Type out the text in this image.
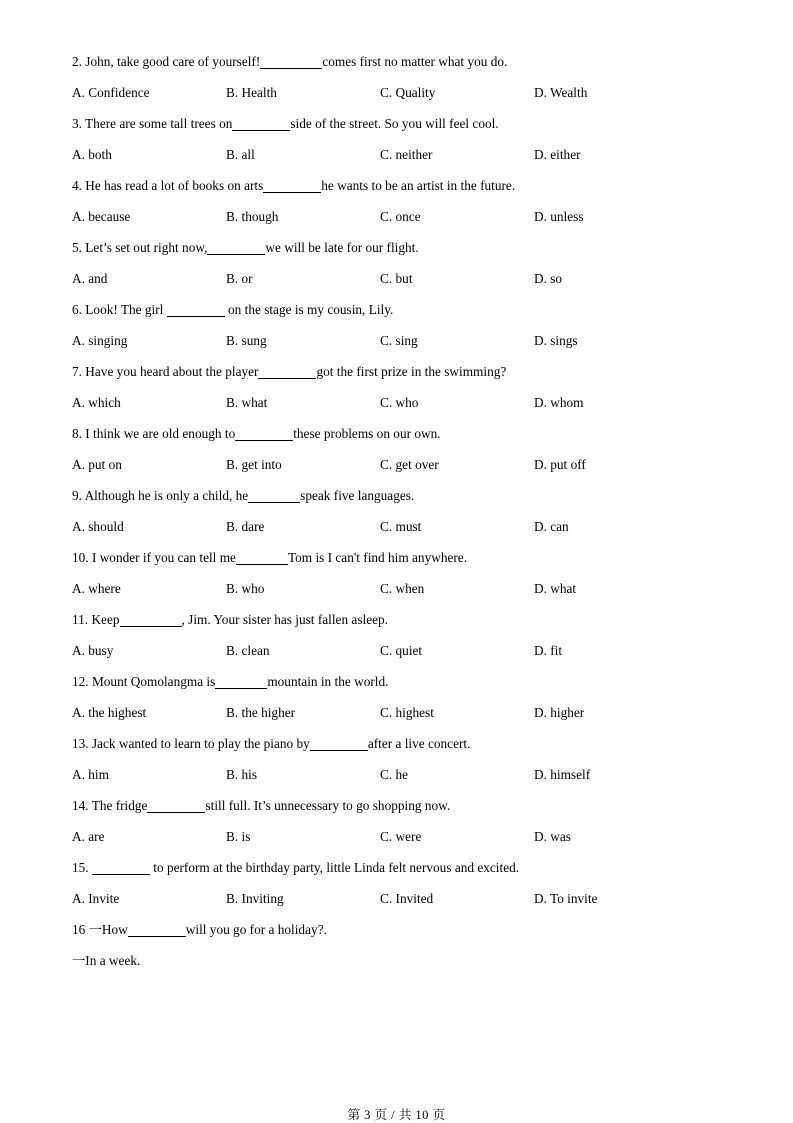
2. John, take good care of yourself!	comes first no matter what you do.
A. Confidence	B. Health	C. Quality	D. Wealth
3. There are some tall trees on	side of the street. So you will feel cool.
A. both	B. all	C. neither	D. either
4. He has read a lot of books on arts	he wants to be an artist in the future.
A. because	B. though	C. once	D. unless
5. Let’s set out right now,	we will be late for our flight.
A. and	B. or	C. but	D. so
6. Look! The girl	on the stage is my cousin, Lily.
A. singing	B. sung	C. sing	D. sings
7. Have you heard about the player	got the first prize in the swimming?
A. which	B. what	C. who	D. whom
8. I think we are old enough to	these problems on our own.
A. put on	B. get into	C. get over	D. put off
9. Although he is only a child, he	speak five languages.
A. should	B. dare	C. must	D. can
10. I wonder if you can tell me	Tom is I can't find him anywhere.
A. where	B. who	C. when	D. what
11. Keep	, Jim. Your sister has just fallen asleep.
A. busy	B. clean	C. quiet	D. fit
12. Mount Qomolangma is	mountain in the world.
A. the highest	B. the higher	C. highest	D. higher
13. Jack wanted to learn to play the piano by	after a live concert.
A. him	B. his	C. he	D. himself
14. The fridge	still full. It’s unnecessary to go shopping now.
A. are	B. is	C. were	D. was
15.	to perform at the birthday party, little Linda felt nervous and excited.
A. Invite	B. Inviting	C. Invited	D. To invite
16 一How	will you go for a holiday? .
一In a week.
第 3 页 / 共 10 页
